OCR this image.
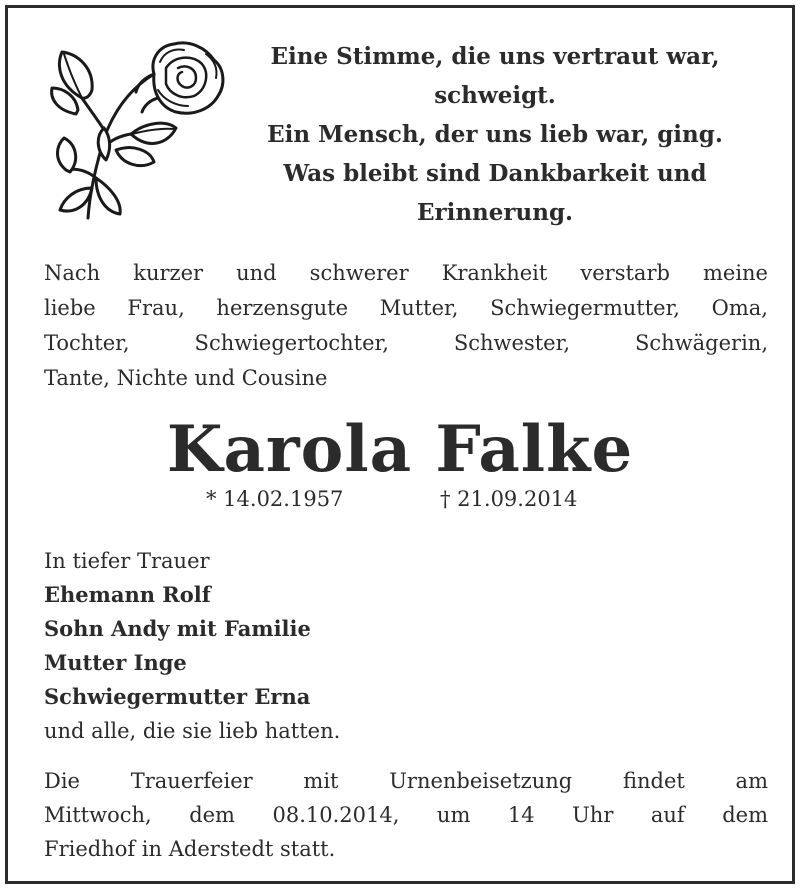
Eine Stimme, die uns vertraut war,
schweigt.
Ein Mensch, der uns lieb war, ging.
Was bleibt sind Dankbarkeit und
Erinnerung.
Nach kurzer und schwerer Krankheit verstarb meine
liebe Frau, herzensgute Mutter, Schwiegermutter, Oma,
Tochter, Schwiegertochter, Schwester, Schwägerin,
Tante, Nichte und Cousine
Karola Falke
* 14.02.1957	† 21.09.2014
In tiefer Trauer
Ehemann Rolf
Sohn Andy mit Familie
Mutter Inge
Schwiegermutter Erna
und alle, die sie lieb hatten.
Die Trauerfeier mit Urnenbeisetzung findet am
Mittwoch, dem 08.10.2014, um 14 Uhr auf dem
Friedhof in Aderstedt statt.
